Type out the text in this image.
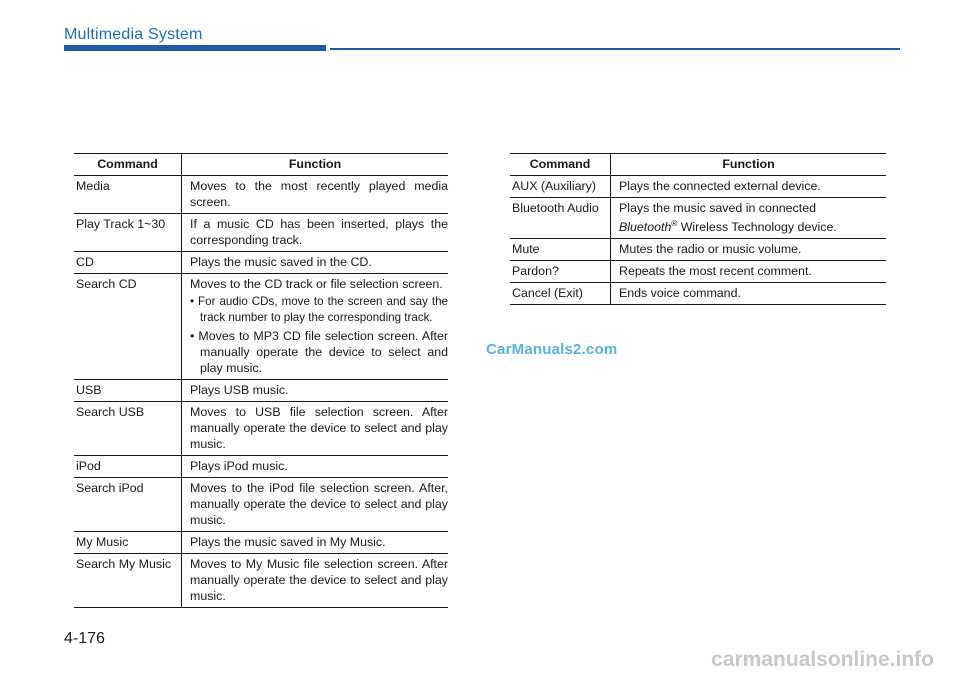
Multimedia System
Command	Function
Media	Moves to the most recently played media screen.
Play Track 1~30	If a music CD has been inserted, plays the corresponding track.
CD	Plays the music saved in the CD.
Search CD	Moves to the CD track or file selection screen.
• For audio CDs, move to the screen and say the track number to play the corresponding track.
• Moves to MP3 CD file selection screen. After manually operate the device to select and play music.

USB	Plays USB music.
Search USB	Moves to USB file selection screen. After manually operate the device to select and play music.
iPod	Plays iPod music.
Search iPod	Moves to the iPod file selection screen. After, manually operate the device to select and play music.
My Music	Plays the music saved in My Music.
Search My Music	Moves to My Music file selection screen. After manually operate the device to select and play music.
Command	Function
AUX (Auxiliary)	Plays the connected external device.
Bluetooth Audio	Plays the music saved in connected
Bluetooth® Wireless Technology device.
Mute	Mutes the radio or music volume.
Pardon?	Repeats the most recent comment.
Cancel (Exit)	Ends voice command.
CarManuals2.com
4-176
carmanualsonline.info
